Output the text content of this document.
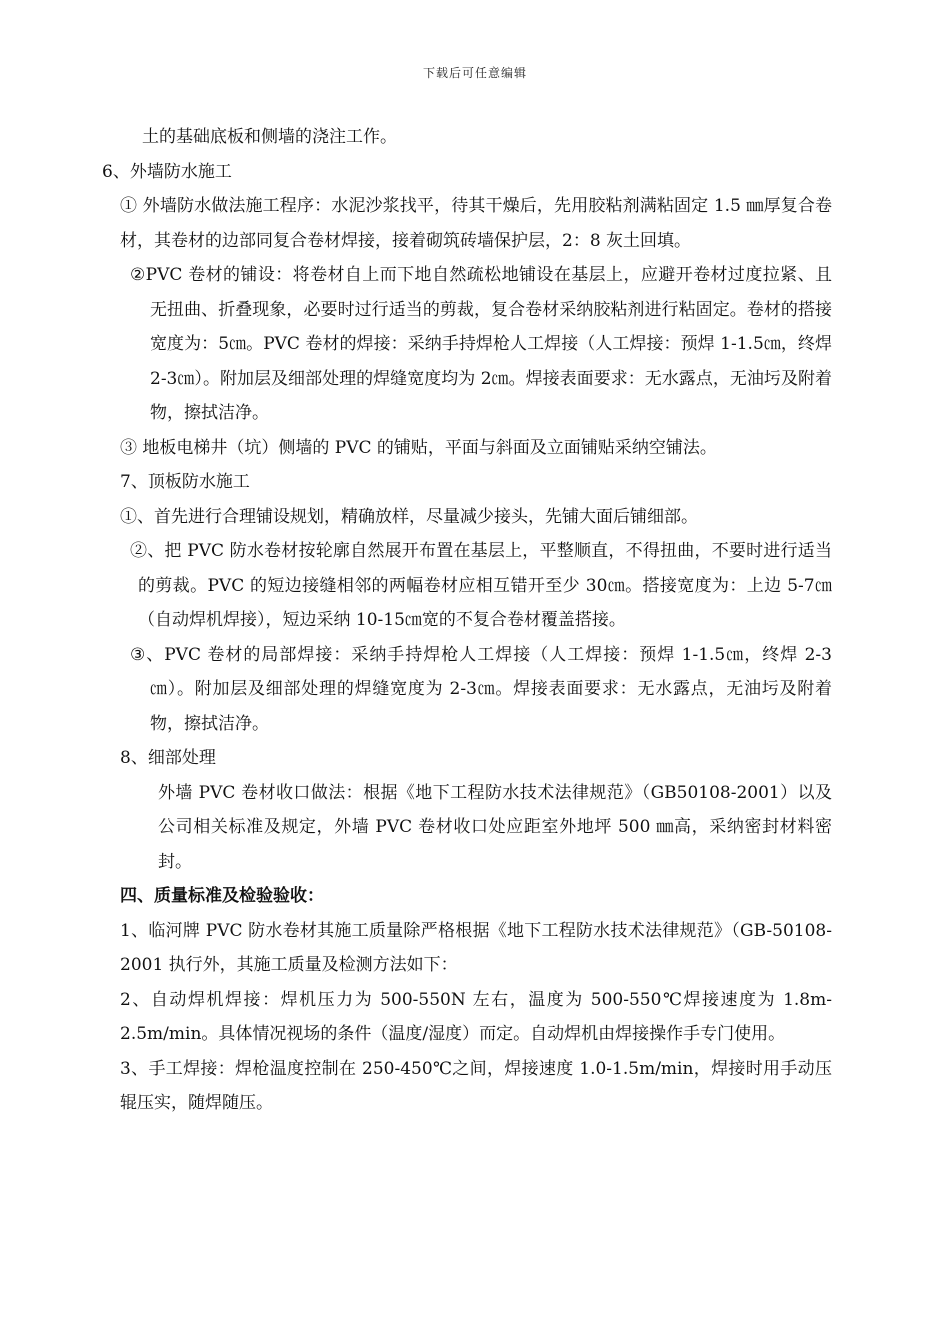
下载后可任意编辑

土的基础底板和侧墙的浇注工作。

6、外墙防水施工

① 外墙防水做法施工程序：水泥沙浆找平，待其干燥后，先用胶粘剂满粘固定 1.5 ㎜厚复合卷材，其卷材的边部同复合卷材焊接，接着砌筑砖墙保护层，2：8 灰土回填。

②PVC 卷材的铺设：将卷材自上而下地自然疏松地铺设在基层上，应避开卷材过度拉紧、且无扭曲、折叠现象，必要时过行适当的剪裁，复合卷材采纳胶粘剂进行粘固定。卷材的搭接宽度为：5㎝。PVC 卷材的焊接：采纳手持焊枪人工焊接（人工焊接：预焊 1-1.5㎝，终焊 2-3㎝）。附加层及细部处理的焊缝宽度均为 2㎝。焊接表面要求：无水露点，无油圬及附着物，擦拭洁净。

③ 地板电梯井（坑）侧墙的 PVC 的铺贴，平面与斜面及立面铺贴采纳空铺法。

7、顶板防水施工

①、首先进行合理铺设规划，精确放样，尽量减少接头，先铺大面后铺细部。

②、把 PVC 防水卷材按轮廓自然展开布置在基层上，平整顺直，不得扭曲，不要时进行适当的剪裁。PVC 的短边接缝相邻的两幅卷材应相互错开至少 30㎝。搭接宽度为：上边 5-7㎝（自动焊机焊接），短边采纳 10-15㎝宽的不复合卷材覆盖搭接。

③、PVC 卷材的局部焊接：采纳手持焊枪人工焊接（人工焊接：预焊 1-1.5㎝，终焊 2-3㎝）。附加层及细部处理的焊缝宽度为 2-3㎝。焊接表面要求：无水露点，无油圬及附着物，擦拭洁净。

8、细部处理

外墙 PVC 卷材收口做法：根据《地下工程防水技术法律规范》（GB50108-2001）以及公司相关标准及规定，外墙 PVC 卷材收口处应距室外地坪 500 ㎜高，采纳密封材料密封。

四、质量标准及检验验收：

1、临河牌 PVC 防水卷材其施工质量除严格根据《地下工程防水技术法律规范》（GB-50108-2001 执行外，其施工质量及检测方法如下：

2、自动焊机焊接：焊机压力为 500-550N 左右，温度为 500-550℃焊接速度为 1.8m-2.5m/min。具体情况视场的条件（温度/湿度）而定。自动焊机由焊接操作手专门使用。

3、手工焊接：焊枪温度控制在 250-450℃之间，焊接速度 1.0-1.5m/min，焊接时用手动压辊压实，随焊随压。
